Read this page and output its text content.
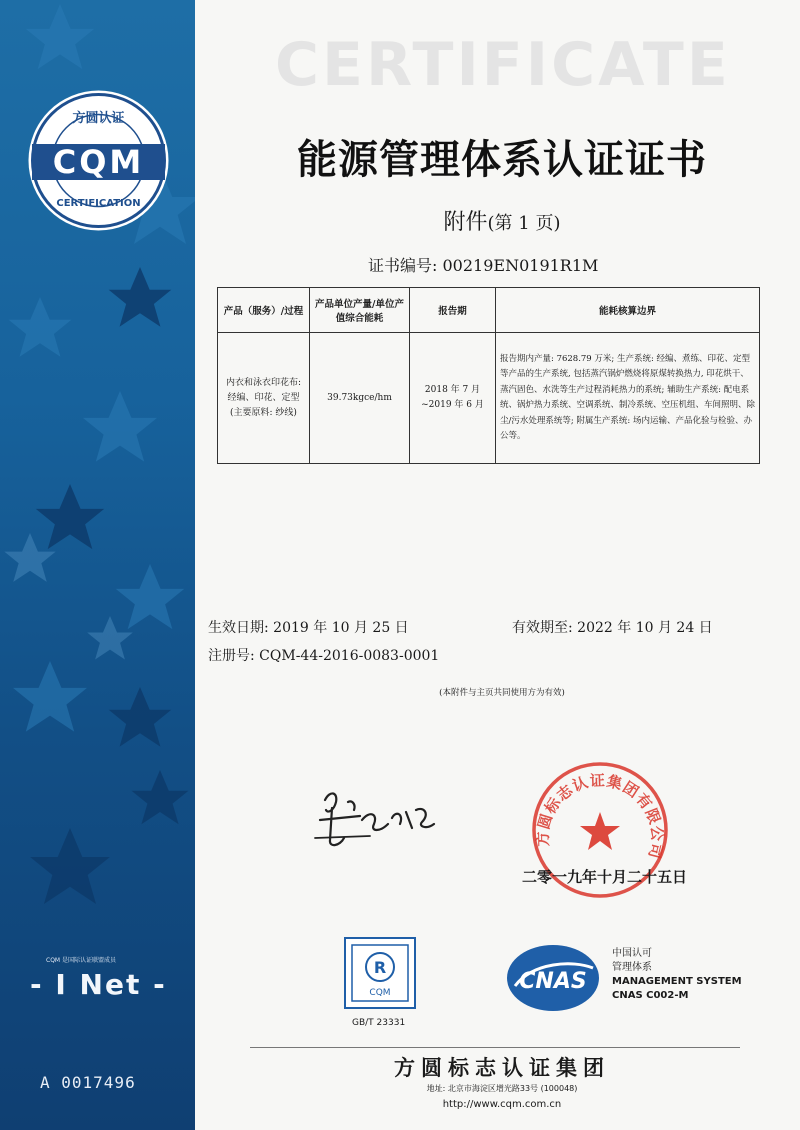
方圆认证
CQM
CERTIFICATION
CQM 是国际认证联盟成员
- I Net -
A 0017496
CERTIFICATE
能源管理体系认证证书
附件(第 1 页)
证书编号: 00219EN0191R1M
产品（服务）/过程	产品单位产量/单位产值综合能耗	报告期	能耗核算边界
内衣和泳衣印花布: 经编、印花、定型(主要原料: 纱线)	39.73kgce/hm	2018 年 7 月 ~2019 年 6 月	报告期内产量: 7628.79 万米; 生产系统: 经编、煮练、印花、定型等产品的生产系统, 包括蒸汽锅炉燃烧将原煤转换热力, 印花烘干、蒸汽固色、水洗等生产过程消耗热力的系统; 辅助生产系统: 配电系统、锅炉热力系统、空调系统、制冷系统、空压机组、车间照明、除尘/污水处理系统等; 附属生产系统: 场内运输、产品化验与检验、办公等。
生效日期: 2019 年 10 月 25 日	有效期至: 2022 年 10 月 24 日
注册号: CQM-44-2016-0083-0001
(本附件与主页共同使用方为有效)
方圆标志认证集团有限公司
二零一九年十月二十五日
R
CQM
GB/T 23331
CNAS
中国认可
管理体系
MANAGEMENT SYSTEM
CNAS C002-M
方圆标志认证集团
地址: 北京市海淀区增光路33号 (100048)
http://www.cqm.com.cn
